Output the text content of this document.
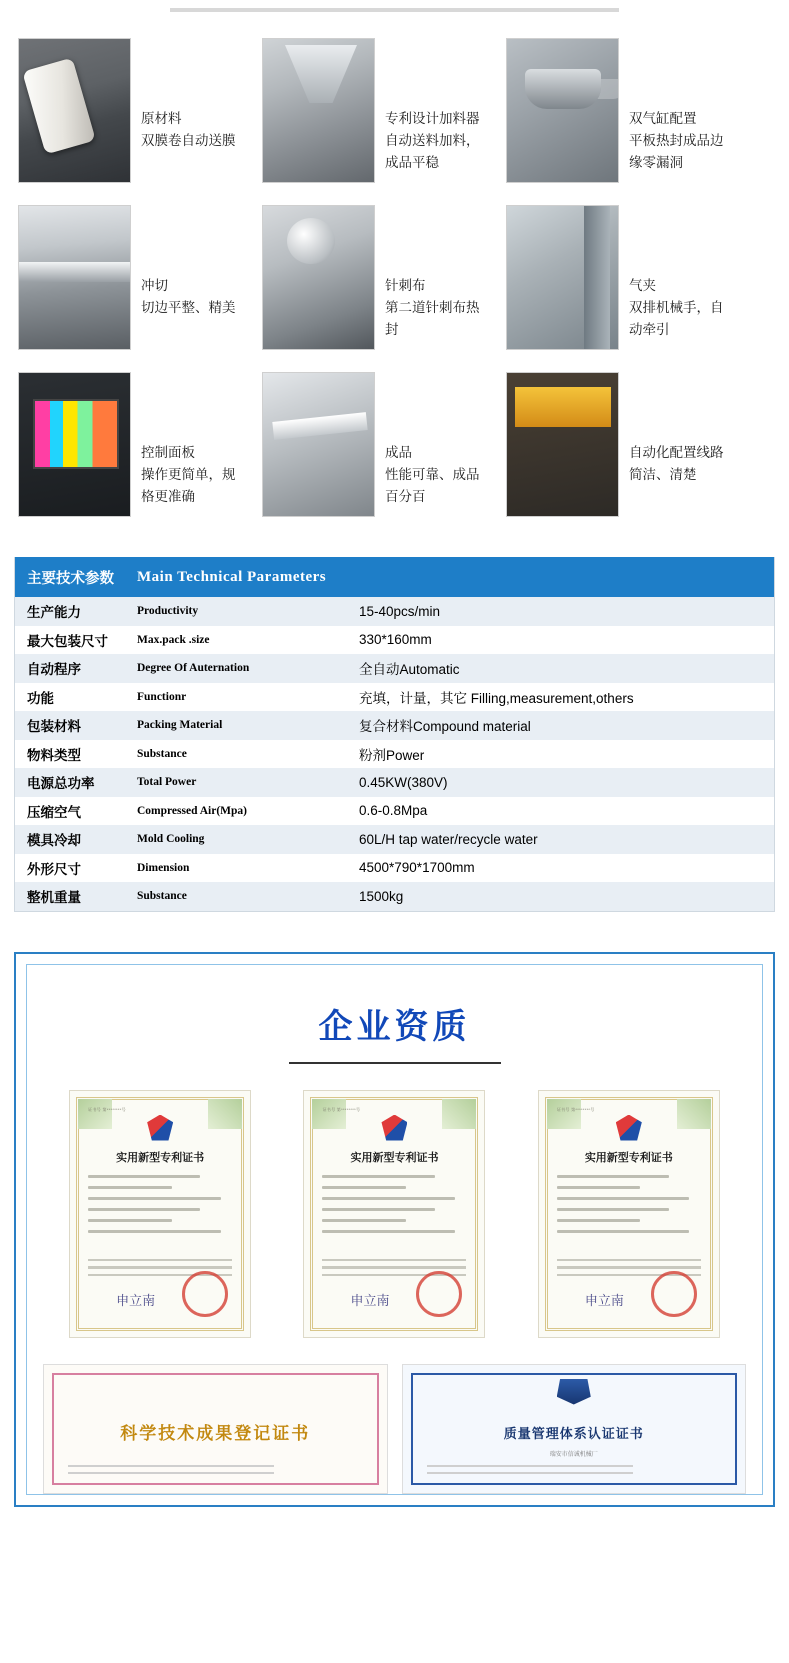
原材料
双膜卷自动送膜
专利设计加料器
自动送料加料，成品平稳
双气缸配置
平板热封成品边缘零漏洞
冲切
切边平整、精美
针刺布
第二道针刺布热封
气夹
双排机械手，自动牵引
控制面板
操作更简单，规格更准确
成品
性能可靠、成品百分百
自动化配置线路简洁、清楚
主要技术参数	Main Technical Parameters
生产能力	Productivity	15-40pcs/min
最大包装尺寸	Max.pack .size	330*160mm
自动程序	Degree Of Auternation	全自动Automatic
功能	Functionr	充填，计量，其它 Filling,measurement,others
包装材料	Packing Material	复合材料Compound material
物料类型	Substance	粉剂Power
电源总功率	Total Power	0.45KW(380V)
压缩空气	Compressed Air(Mpa)	0.6-0.8Mpa
模具冷却	Mold Cooling	60L/H tap water/recycle water
外形尺寸	Dimension	4500*790*1700mm
整机重量	Substance	1500kg
企业资质
证书号 第********号
实用新型专利证书
申立南
证书号 第********号
实用新型专利证书
申立南
证书号 第********号
实用新型专利证书
申立南
科学技术成果登记证书	质量管理体系认证证书
瑞安市信诚机械厂
